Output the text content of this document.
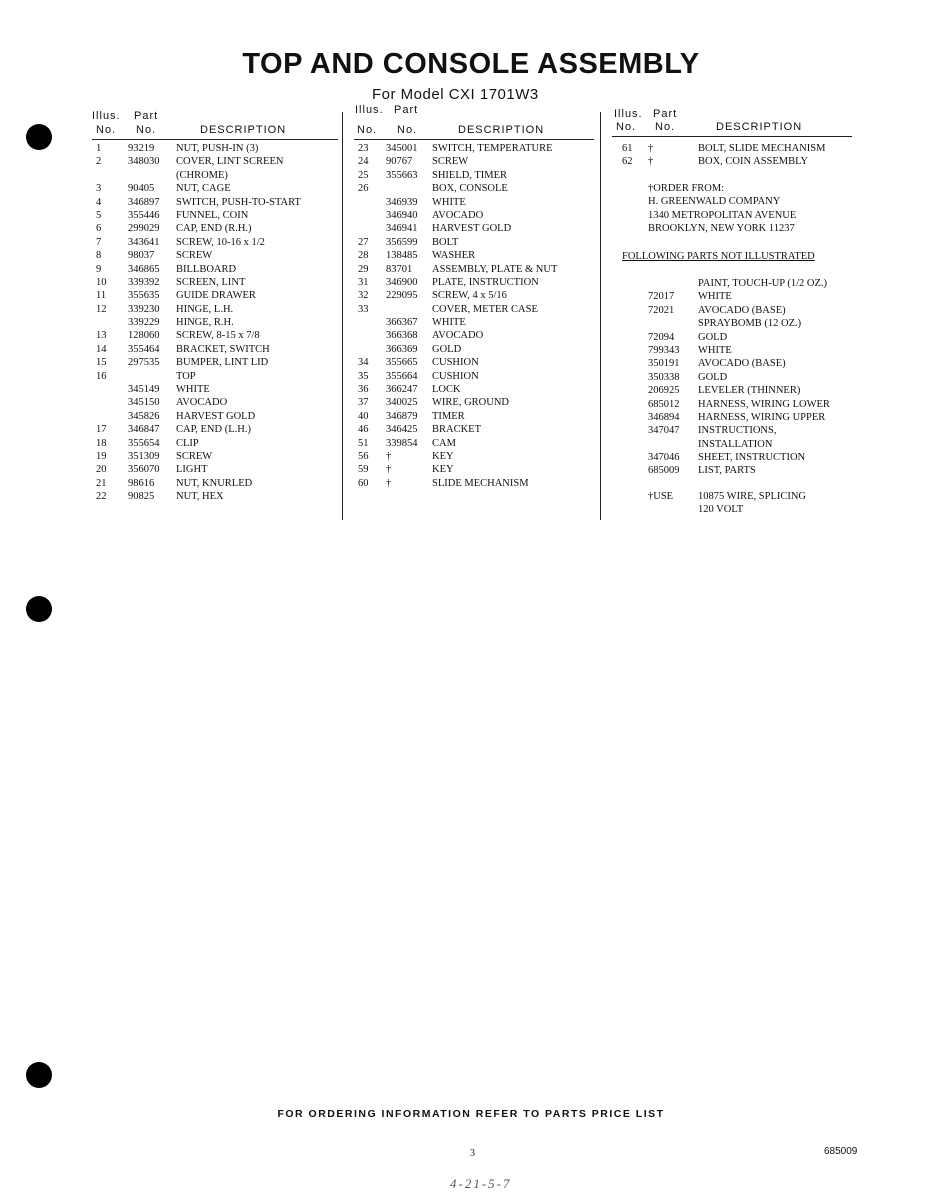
TOP AND CONSOLE ASSEMBLY
For Model CXI 1701W3
Illus. Part
No. No.	DESCRIPTION
Illus. Part
No. No.	DESCRIPTION
Illus. Part
No. No.	DESCRIPTION
1	93219 NUT, PUSH-IN (3)
2	348030 COVER, LINT SCREEN
(CHROME)
3	90405 NUT, CAGE
4	346897 SWITCH, PUSH-TO-START
5	355446 FUNNEL, COIN
6	299029 CAP, END (R.H.)
7	343641 SCREW, 10-16 x 1/2
8	98037 SCREW
9	346865 BILLBOARD
10 339392 SCREEN, LINT
11 355635 GUIDE DRAWER
12 339230 HINGE, L.H.
339229 HINGE, R.H.
13 128060 SCREW, 8-15 x 7/8
14 355464 BRACKET, SWITCH
15 297535 BUMPER, LINT LID
16	TOP
345149 WHITE
345150 AVOCADO
345826 HARVEST GOLD
17 346847 CAP, END (L.H.)
18 355654 CLIP
19 351309 SCREW
20 356070 LIGHT
21 98616 NUT, KNURLED
22 90825 NUT, HEX
23 345001 SWITCH, TEMPERATURE
24 90767 SCREW
25 355663 SHIELD, TIMER
26	BOX, CONSOLE
346939 WHITE
346940 AVOCADO
346941 HARVEST GOLD
27 356599 BOLT
28 138485 WASHER
29 83701 ASSEMBLY, PLATE & NUT
31 346900 PLATE, INSTRUCTION
32 229095 SCREW, 4 x 5/16
33	COVER, METER CASE
366367 WHITE
366368 AVOCADO
366369 GOLD
34 355665 CUSHION
35 355664 CUSHION
36 366247 LOCK
37 340025 WIRE, GROUND
40 346879 TIMER
46 346425 BRACKET
51 339854 CAM
56 †	KEY
59 †	KEY
60 †	SLIDE MECHANISM
61 †	BOLT, SLIDE MECHANISM
62 †	BOX, COIN ASSEMBLY
†ORDER FROM:
H. GREENWALD COMPANY
1340 METROPOLITAN AVENUE
BROOKLYN, NEW YORK 11237
FOLLOWING PARTS NOT ILLUSTRATED
PAINT, TOUCH-UP (1/2 OZ.)
72017 WHITE
72021 AVOCADO (BASE)
SPRAYBOMB (12 OZ.)
72094 GOLD
799343 WHITE
350191 AVOCADO (BASE)
350338 GOLD
206925 LEVELER (THINNER)
685012 HARNESS, WIRING LOWER
346894 HARNESS, WIRING UPPER
347047 INSTRUCTIONS,
INSTALLATION
347046 SHEET, INSTRUCTION
685009 LIST, PARTS
†USE 10875 WIRE, SPLICING
120 VOLT
FOR ORDERING INFORMATION REFER TO PARTS PRICE LIST
3	685009
4-21-5-7
